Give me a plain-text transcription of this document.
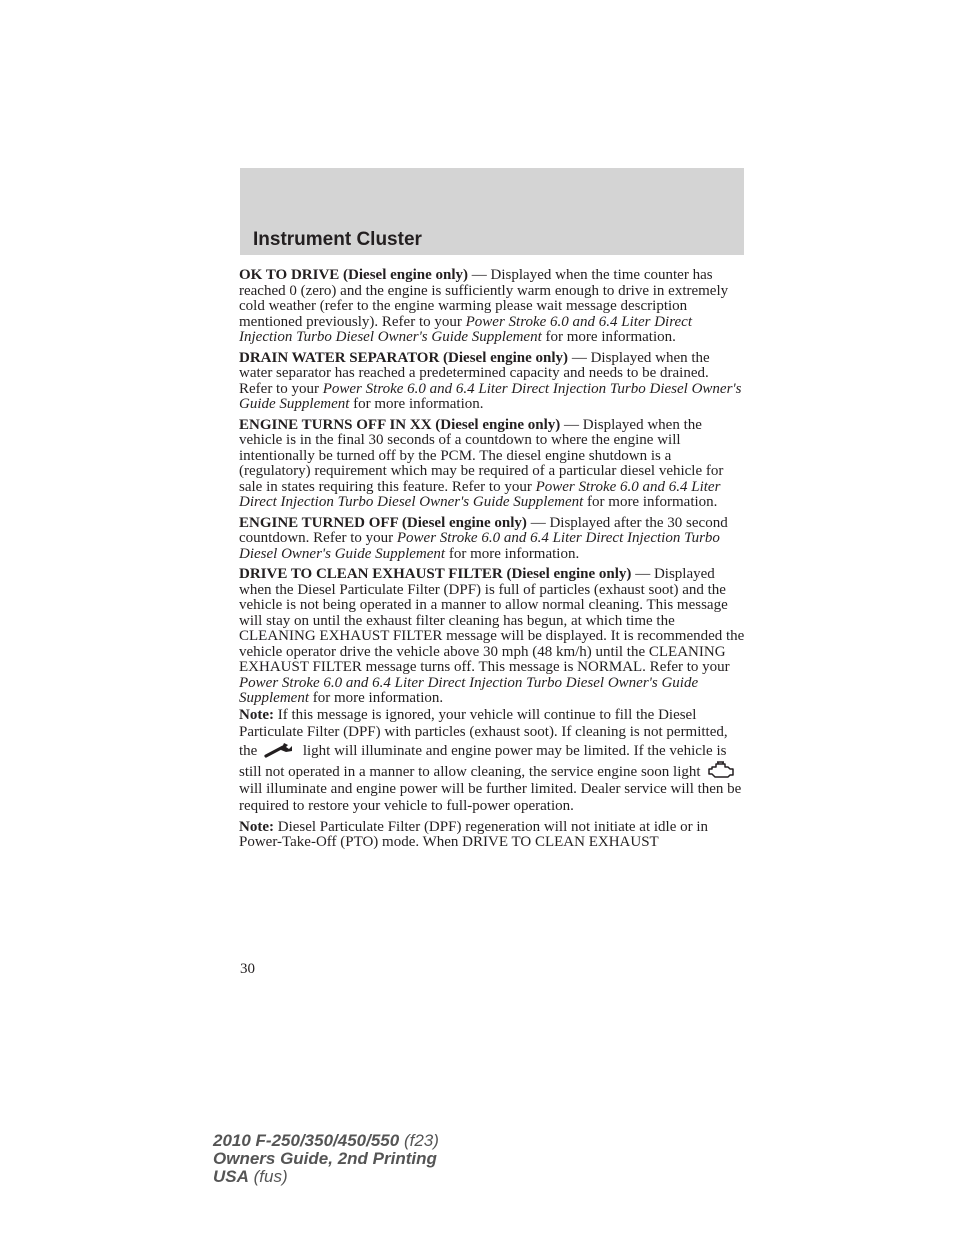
Instrument Cluster

OK TO DRIVE (Diesel engine only) — Displayed when the time counter has reached 0 (zero) and the engine is sufficiently warm enough to drive in extremely cold weather (refer to the engine warming please wait message description mentioned previously). Refer to your Power Stroke 6.0 and 6.4 Liter Direct Injection Turbo Diesel Owner's Guide Supplement for more information.

DRAIN WATER SEPARATOR (Diesel engine only) — Displayed when the water separator has reached a predetermined capacity and needs to be drained. Refer to your Power Stroke 6.0 and 6.4 Liter Direct Injection Turbo Diesel Owner's Guide Supplement for more information.

ENGINE TURNS OFF IN XX (Diesel engine only) — Displayed when the vehicle is in the final 30 seconds of a countdown to where the engine will intentionally be turned off by the PCM. The diesel engine shutdown is a (regulatory) requirement which may be required of a particular diesel vehicle for sale in states requiring this feature. Refer to your Power Stroke 6.0 and 6.4 Liter Direct Injection Turbo Diesel Owner's Guide Supplement for more information.

ENGINE TURNED OFF (Diesel engine only) — Displayed after the 30 second countdown. Refer to your Power Stroke 6.0 and 6.4 Liter Direct Injection Turbo Diesel Owner's Guide Supplement for more information.

DRIVE TO CLEAN EXHAUST FILTER (Diesel engine only) — Displayed when the Diesel Particulate Filter (DPF) is full of particles (exhaust soot) and the vehicle is not being operated in a manner to allow normal cleaning. This message will stay on until the exhaust filter cleaning has begun, at which time the CLEANING EXHAUST FILTER message will be displayed. It is recommended the vehicle operator drive the vehicle above 30 mph (48 km/h) until the CLEANING EXHAUST FILTER message turns off. This message is NORMAL. Refer to your Power Stroke 6.0 and 6.4 Liter Direct Injection Turbo Diesel Owner's Guide Supplement for more information.

Note: If this message is ignored, your vehicle will continue to fill the Diesel Particulate Filter (DPF) with particles (exhaust soot). If cleaning is not permitted, the	light will illuminate and engine power may be limited. If the vehicle is still not operated in a manner to allow cleaning, the service engine soon light  will illuminate and engine power will be further limited. Dealer service will then be required to restore your vehicle to full-power operation.

Note: Diesel Particulate Filter (DPF) regeneration will not initiate at idle or in Power-Take-Off (PTO) mode. When DRIVE TO CLEAN EXHAUST

30
2010 F-250/350/450/550 (f23)
Owners Guide, 2nd Printing
USA (fus)
